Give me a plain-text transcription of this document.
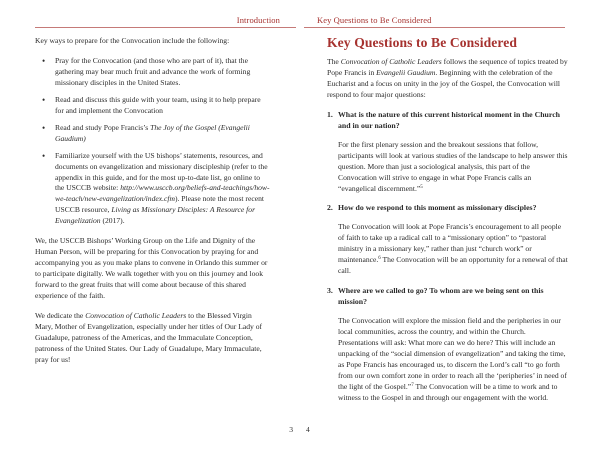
Introduction

Key ways to prepare for the Convocation include the following:

• Pray for the Convocation (and those who are part of it), that the gathering may bear much fruit and advance the work of forming missionary disciples in the United States.
• Read and discuss this guide with your team, using it to help prepare for and implement the Convocation
• Read and study Pope Francis’s The Joy of the Gospel (Evangelii Gaudium)
• Familiarize yourself with the US bishops’ statements, resources, and documents on evangelization and missionary discipleship (refer to the appendix in this guide, and for the most up-to-date list, go online to the USCCB website: http://www.usccb.org/beliefs-and-teachings/how-we-teach/new-evangelization/index.cfm). Please note the most recent USCCB resource, Living as Missionary Disciples: A Resource for Evangelization (2017).

We, the USCCB Bishops’ Working Group on the Life and Dignity of the Human Person, will be preparing for this Convocation by praying for and accompanying you as you make plans to convene in Orlando this summer or to participate digitally. We walk together with you on this journey and look forward to the great fruits that will come about because of this shared experience of the faith.

We dedicate the Convocation of Catholic Leaders to the Blessed Virgin Mary, Mother of Evangelization, especially under her titles of Our Lady of Guadalupe, patroness of the Americas, and the Immaculate Conception, patroness of the United States. Our Lady of Guadalupe, Mary Immaculate, pray for us!

3
Key Questions to Be Considered
Key Questions to Be Considered

The Convocation of Catholic Leaders follows the sequence of topics treated by Pope Francis in Evangelii Gaudium. Beginning with the celebration of the Eucharist and a focus on unity in the joy of the Gospel, the Convocation will respond to four major questions:

1. What is the nature of this current historical moment in the Church and in our nation?

For the first plenary session and the breakout sessions that follow, participants will look at various studies of the landscape to help answer this question. More than just a sociological analysis, this part of the Convocation will strive to engage in what Pope Francis calls an “evangelical discernment.”$^5$

2. How do we respond to this moment as missionary disciples?

The Convocation will look at Pope Francis’s encouragement to all people of faith to take up a radical call to a “missionary option” to “pastoral ministry in a missionary key,” rather than just “church work” or maintenance.$^6$ The Convocation will be an opportunity for a renewal of that call.

3. Where are we called to go? To whom are we being sent on this mission?

The Convocation will explore the mission field and the peripheries in our local communities, across the country, and within the Church. Presentations will ask: What more can we do here? This will include an unpacking of the “social dimension of evangelization” and taking the time, as Pope Francis has encouraged us, to discern the Lord’s call “to go forth from our own comfort zone in order to reach all the ‘peripheries’ in need of the light of the Gospel.”$^7$ The Convocation will be a time to work and to witness to the Gospel in and through our engagement with the world.

4
